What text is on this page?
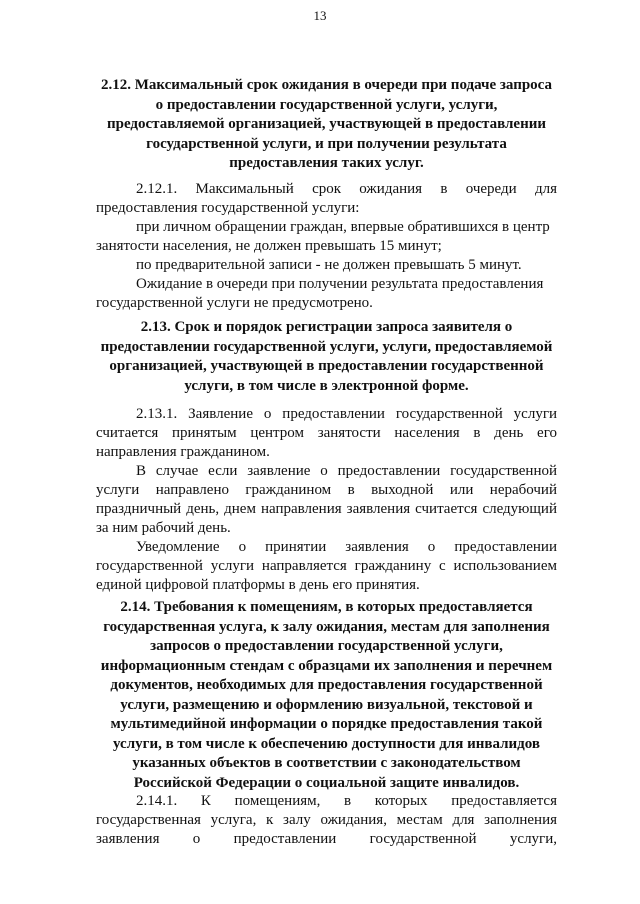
13
2.12. Максимальный срок ожидания в очереди при подаче запроса
о предоставлении государственной услуги, услуги,
предоставляемой организацией, участвующей в предоставлении
государственной услуги, и при получении результата
предоставления таких услуг.
2.12.1. Максимальный срок ожидания в очереди для
предоставления государственной услуги:
при личном обращении граждан, впервые обратившихся в центр
занятости населения, не должен превышать 15 минут;
по предварительной записи - не должен превышать 5 минут.
Ожидание в очереди при получении результата предоставления
государственной услуги не предусмотрено.
2.13. Срок и порядок регистрации запроса заявителя о
предоставлении государственной услуги, услуги, предоставляемой
организацией, участвующей в предоставлении государственной
услуги, в том числе в электронной форме.
2.13.1. Заявление о предоставлении государственной услуги
считается принятым центром занятости населения в день его
направления гражданином.
В случае если заявление о предоставлении государственной
услуги направлено гражданином в выходной или нерабочий
праздничный день, днем направления заявления считается следующий
за ним рабочий день.
Уведомление о принятии заявления о предоставлении
государственной услуги направляется гражданину с использованием
единой цифровой платформы в день его принятия.
2.14. Требования к помещениям, в которых предоставляется
государственная услуга, к залу ожидания, местам для заполнения
запросов о предоставлении государственной услуги,
информационным стендам с образцами их заполнения и перечнем
документов, необходимых для предоставления государственной
услуги, размещению и оформлению визуальной, текстовой и
мультимедийной информации о порядке предоставления такой
услуги, в том числе к обеспечению доступности для инвалидов
указанных объектов в соответствии с законодательством
Российской Федерации о социальной защите инвалидов.
2.14.1. К помещениям, в которых предоставляется
государственная услуга, к залу ожидания, местам для заполнения
заявления о предоставлении государственной услуги,
